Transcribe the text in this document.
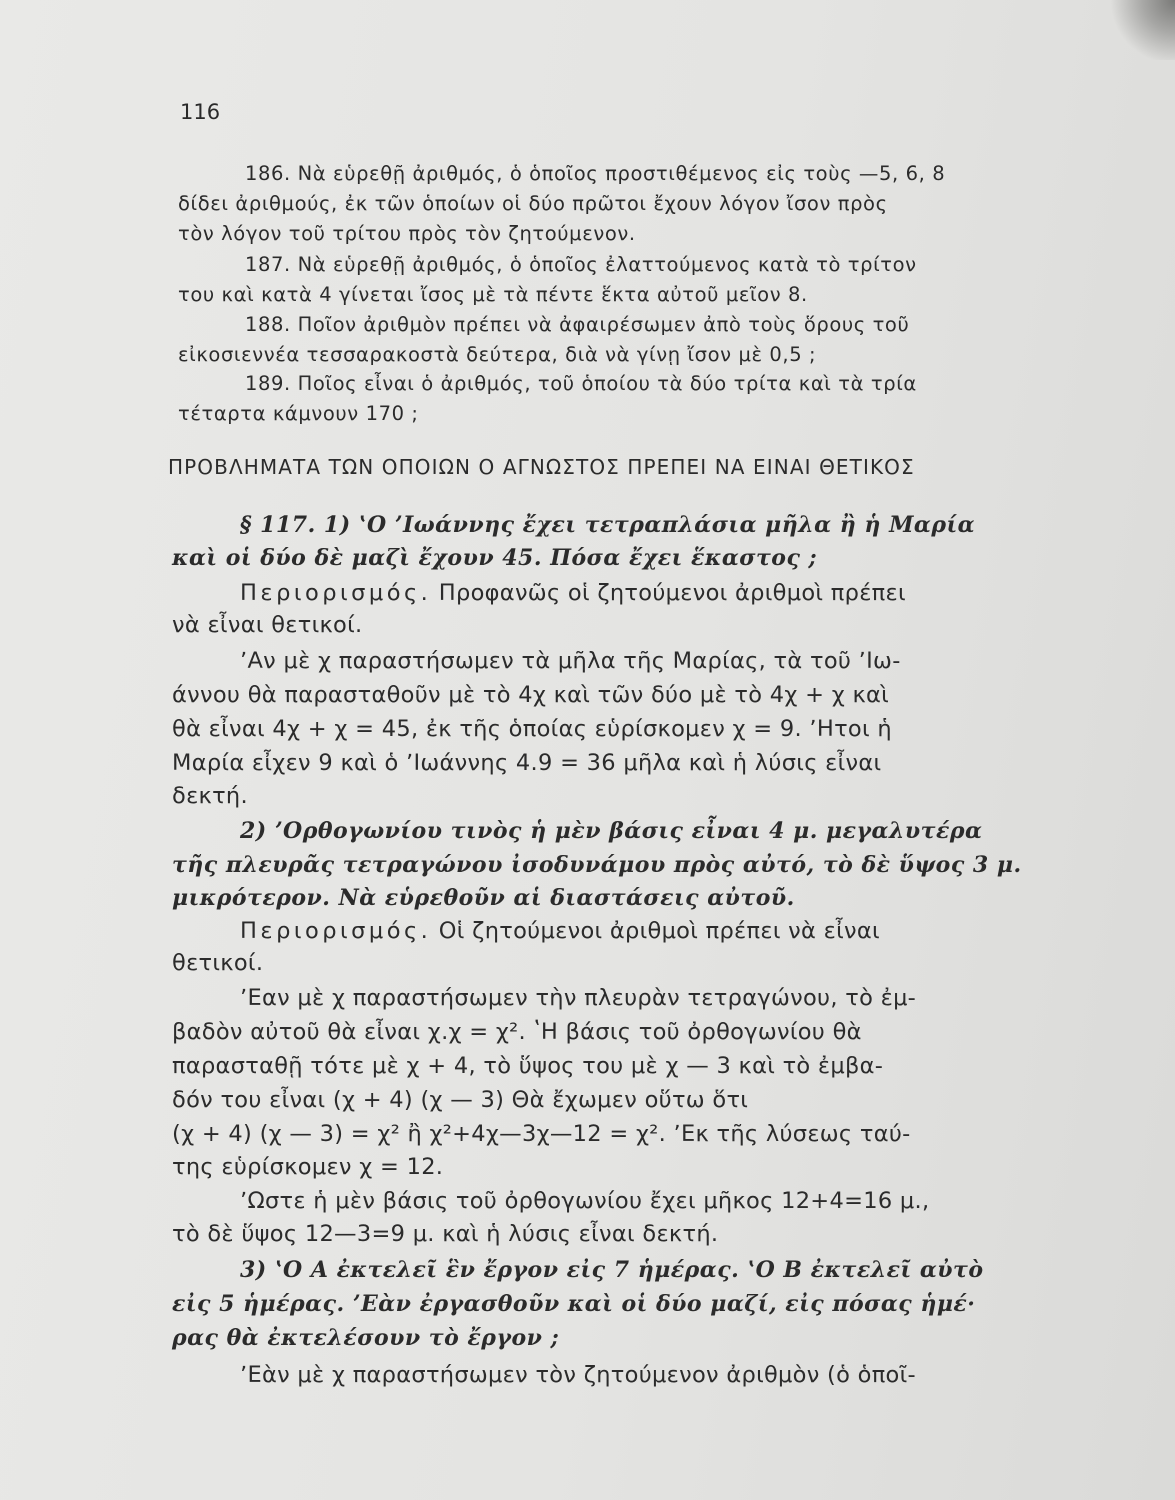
116
186. Νὰ εὑρεθῇ ἀριθμός, ὁ ὁποῖος προστιθέμενος εἰς τοὺς —5, 6, 8
δίδει ἀριθμούς, ἐκ τῶν ὁποίων οἱ δύο πρῶτοι ἔχουν λόγον ἴσον πρὸς
τὸν λόγον τοῦ τρίτου πρὸς τὸν ζητούμενον.
187. Νὰ εὑρεθῇ ἀριθμός, ὁ ὁποῖος ἐλαττούμενος κατὰ τὸ τρίτον
του καὶ κατὰ 4 γίνεται ἴσος μὲ τὰ πέντε ἕκτα αὐτοῦ μεῖον 8.
188. Ποῖον ἀριθμὸν πρέπει νὰ ἀφαιρέσωμεν ἀπὸ τοὺς ὅρους τοῦ
εἰκοσιεννέα τεσσαρακοστὰ δεύτερα, διὰ νὰ γίνῃ ἴσον μὲ 0,5 ;
189. Ποῖος εἶναι ὁ ἀριθμός, τοῦ ὁποίου τὰ δύο τρίτα καὶ τὰ τρία
τέταρτα κάμνουν 170 ;
ΠΡΟΒΛΗΜΑΤΑ ΤΩΝ ΟΠΟΙΩΝ Ο ΑΓΝΩΣΤΟΣ ΠΡΕΠΕΙ ΝΑ ΕΙΝΑΙ ΘΕΤΙΚΟΣ
§ 117. 1) ʽΟ ʼΙωάννης ἔχει τετραπλάσια μῆλα ἢ ἡ Μαρία
καὶ οἱ δύο δὲ μαζὶ ἔχουν 45. Πόσα ἔχει ἕκαστος ;
Περιορισμός. Προφανῶς οἱ ζητούμενοι ἀριθμοὶ πρέπει
νὰ εἶναι θετικοί.
ʼΑν μὲ χ παραστήσωμεν τὰ μῆλα τῆς Μαρίας, τὰ τοῦ ʼΙω-
άννου θὰ παρασταθοῦν μὲ τὸ 4χ καὶ τῶν δύο μὲ τὸ 4χ + χ καὶ
θὰ εἶναι 4χ + χ = 45, ἐκ τῆς ὁποίας εὑρίσκομεν χ = 9. ʼΗτοι ἡ
Μαρία εἶχεν 9 καὶ ὁ ʼΙωάννης 4.9 = 36 μῆλα καὶ ἡ λύσις εἶναι
δεκτή.
2) ʼΟρθογωνίου τινὸς ἡ μὲν βάσις εἶναι 4 μ. μεγαλυτέρα
τῆς πλευρᾶς τετραγώνου ἰσοδυνάμου πρὸς αὐτό, τὸ δὲ ὕψος 3 μ.
μικρότερον. Νὰ εὑρεθοῦν αἱ διαστάσεις αὐτοῦ.
Περιορισμός. Οἱ ζητούμενοι ἀριθμοὶ πρέπει νὰ εἶναι
θετικοί.
ʼΕαν μὲ χ παραστήσωμεν τὴν πλευρὰν τετραγώνου, τὸ ἐμ-
βαδὸν αὐτοῦ θὰ εἶναι χ.χ = χ². ʽΗ βάσις τοῦ ὀρθογωνίου θὰ
παρασταθῇ τότε μὲ χ + 4, τὸ ὕψος του μὲ χ — 3 καὶ τὸ ἐμβα-
δόν του εἶναι (χ + 4) (χ — 3) Θὰ ἔχωμεν οὕτω ὅτι
(χ + 4) (χ — 3) = χ² ἢ χ²+4χ—3χ—12 = χ². ʼΕκ τῆς λύσεως ταύ-
της εὑρίσκομεν χ = 12.
ʼΩστε ἡ μὲν βάσις τοῦ ὀρθογωνίου ἔχει μῆκος 12+4=16 μ.,
τὸ δὲ ὕψος 12—3=9 μ. καὶ ἡ λύσις εἶναι δεκτή.
3) ʽΟ Α ἐκτελεῖ ἓν ἔργον εἰς 7 ἡμέρας. ʽΟ Β ἐκτελεῖ αὐτὸ
εἰς 5 ἡμέρας. ʼΕὰν ἐργασθοῦν καὶ οἱ δύο μαζί, εἰς πόσας ἡμέ·
ρας θὰ ἐκτελέσουν τὸ ἔργον ;
ʼΕὰν μὲ χ παραστήσωμεν τὸν ζητούμενον ἀριθμὸν (ὁ ὁποῖ-
